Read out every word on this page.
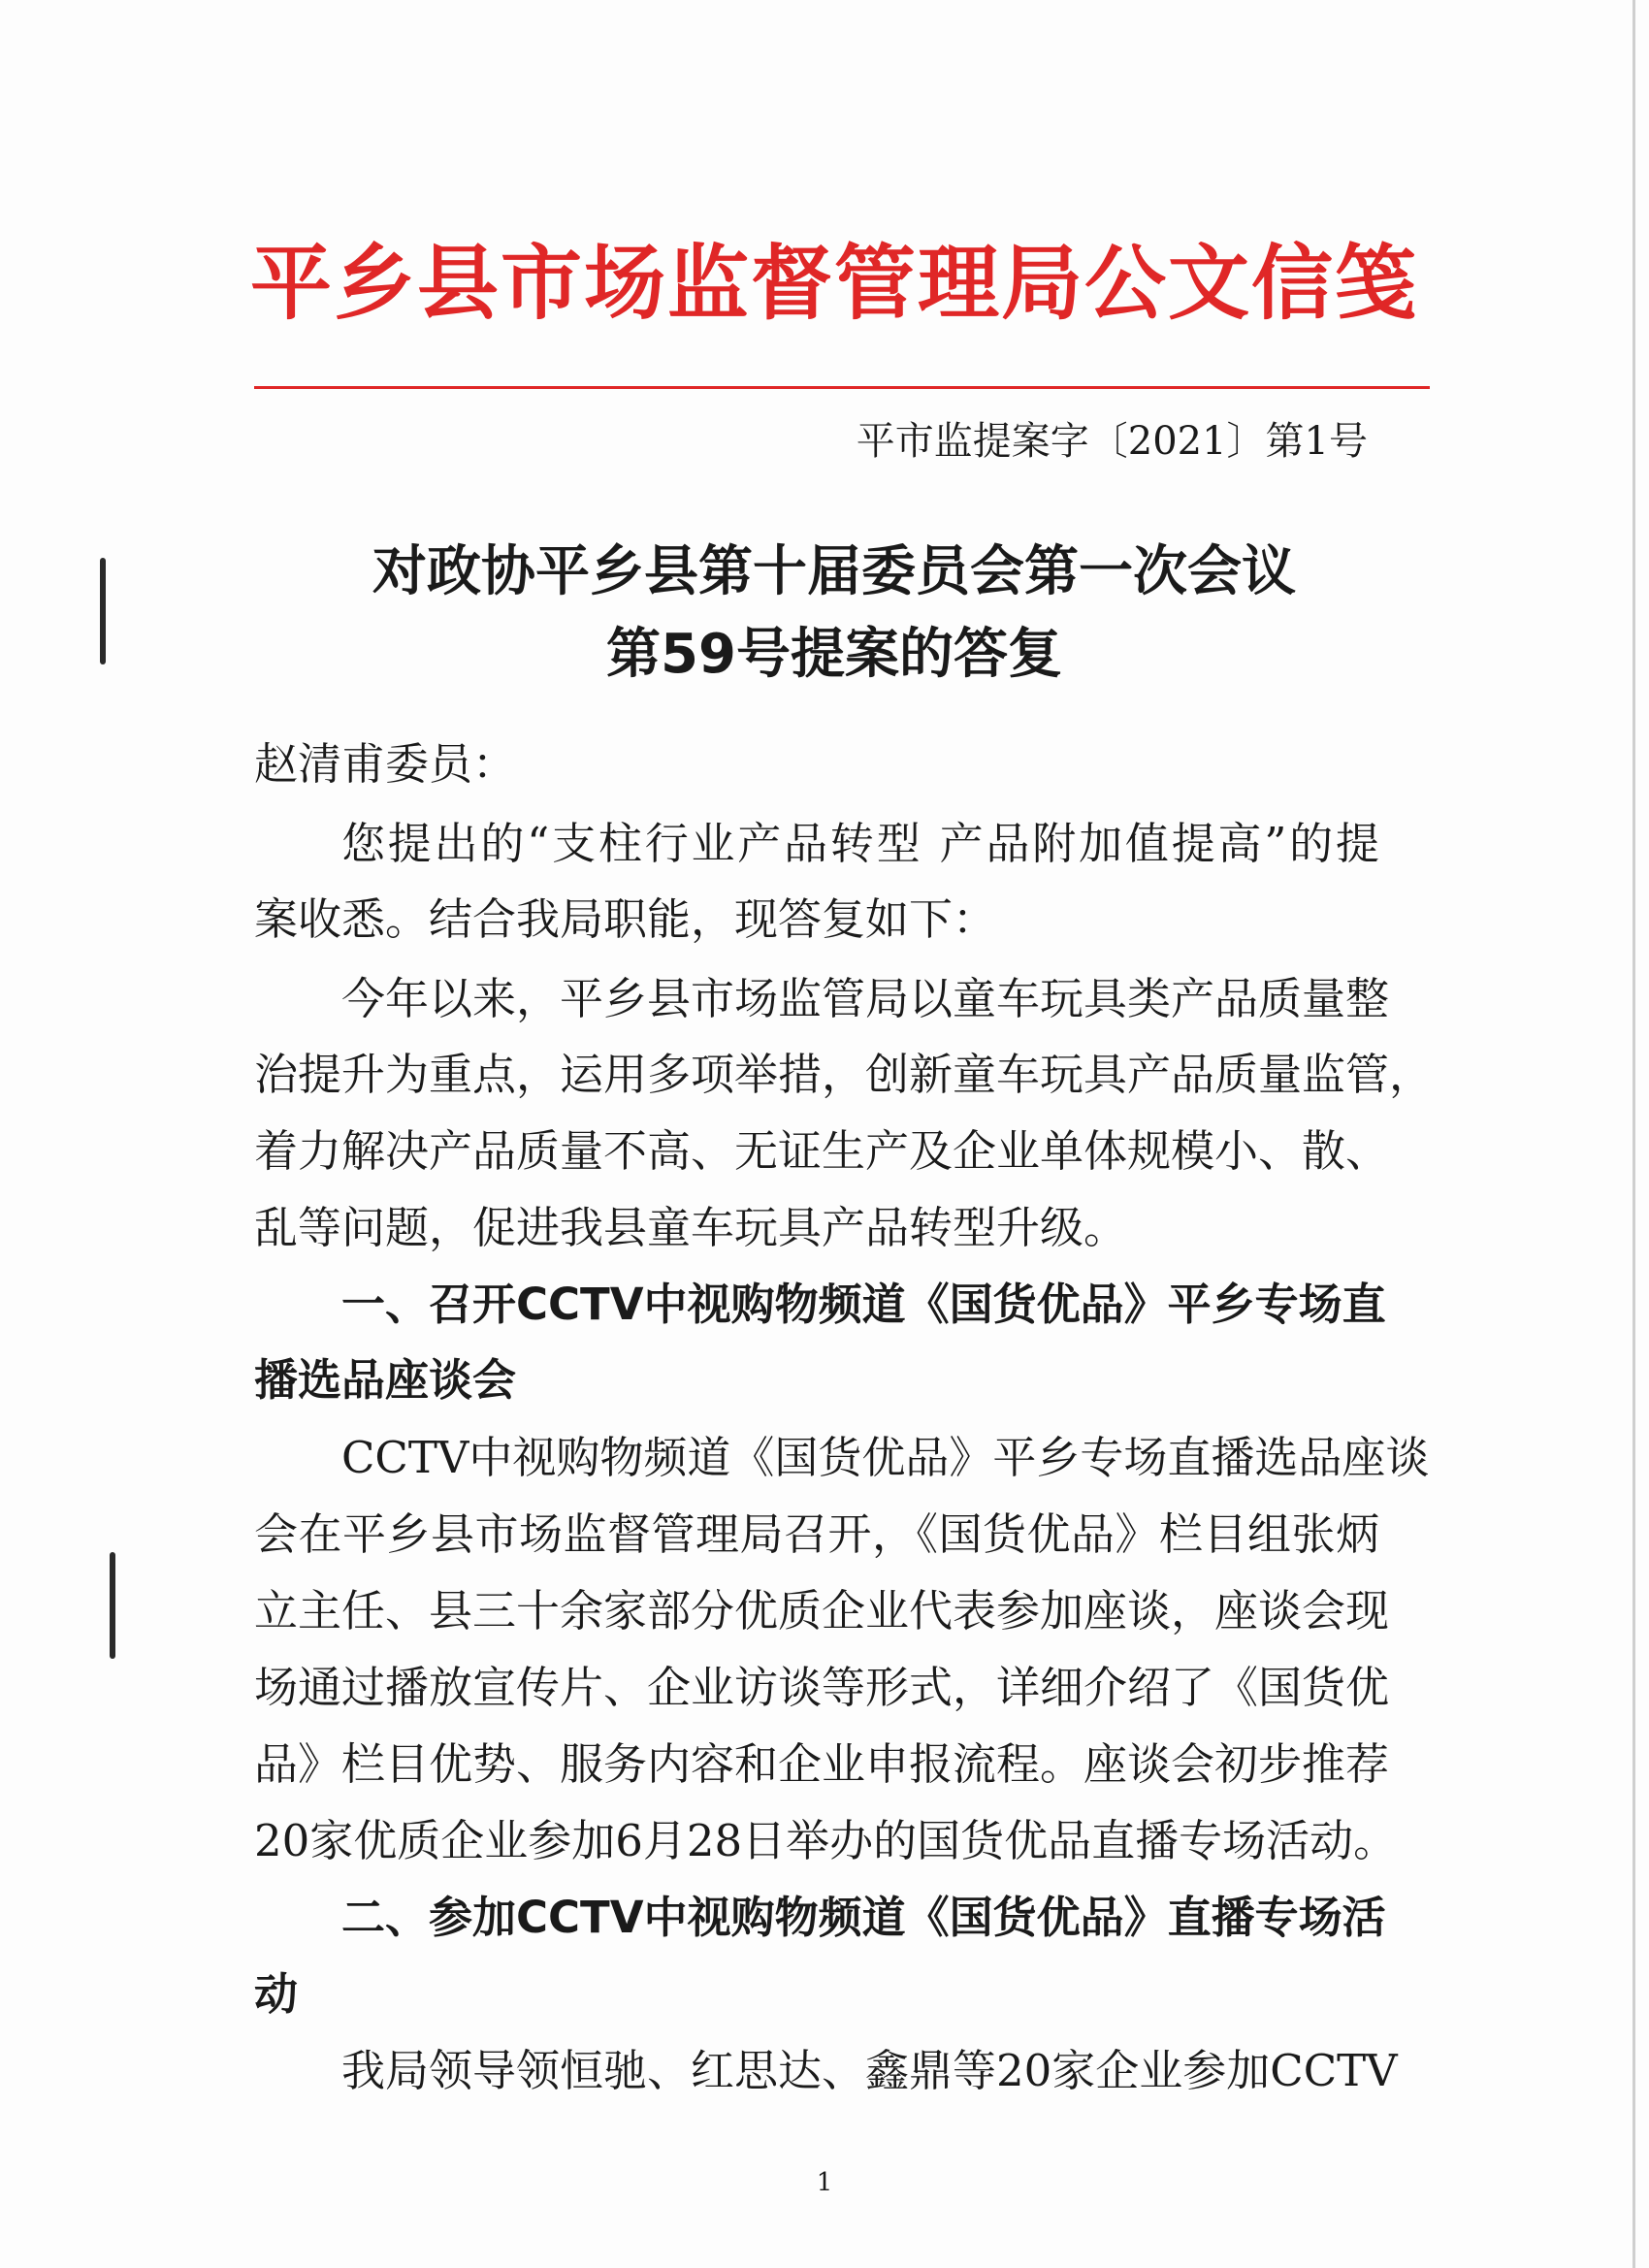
平乡县市场监督管理局公文信笺
平市监提案字〔2021〕第1号
对政协平乡县第十届委员会第一次会议
第59号提案的答复
赵清甫委员：
您提出的“支柱行业产品转型 产品附加值提高”的提
案收悉。结合我局职能，现答复如下：
今年以来，平乡县市场监管局以童车玩具类产品质量整
治提升为重点，运用多项举措，创新童车玩具产品质量监管，
着力解决产品质量不高、无证生产及企业单体规模小、散、
乱等问题，促进我县童车玩具产品转型升级。
一、召开CCTV中视购物频道《国货优品》平乡专场直
播选品座谈会
CCTV中视购物频道《国货优品》平乡专场直播选品座谈
会在平乡县市场监督管理局召开，《国货优品》栏目组张炳
立主任、县三十余家部分优质企业代表参加座谈，座谈会现
场通过播放宣传片、企业访谈等形式，详细介绍了《国货优
品》栏目优势、服务内容和企业申报流程。座谈会初步推荐
20家优质企业参加6月28日举办的国货优品直播专场活动。
二、参加CCTV中视购物频道《国货优品》直播专场活
动
我局领导领恒驰、红思达、鑫鼎等20家企业参加CCTV
1
